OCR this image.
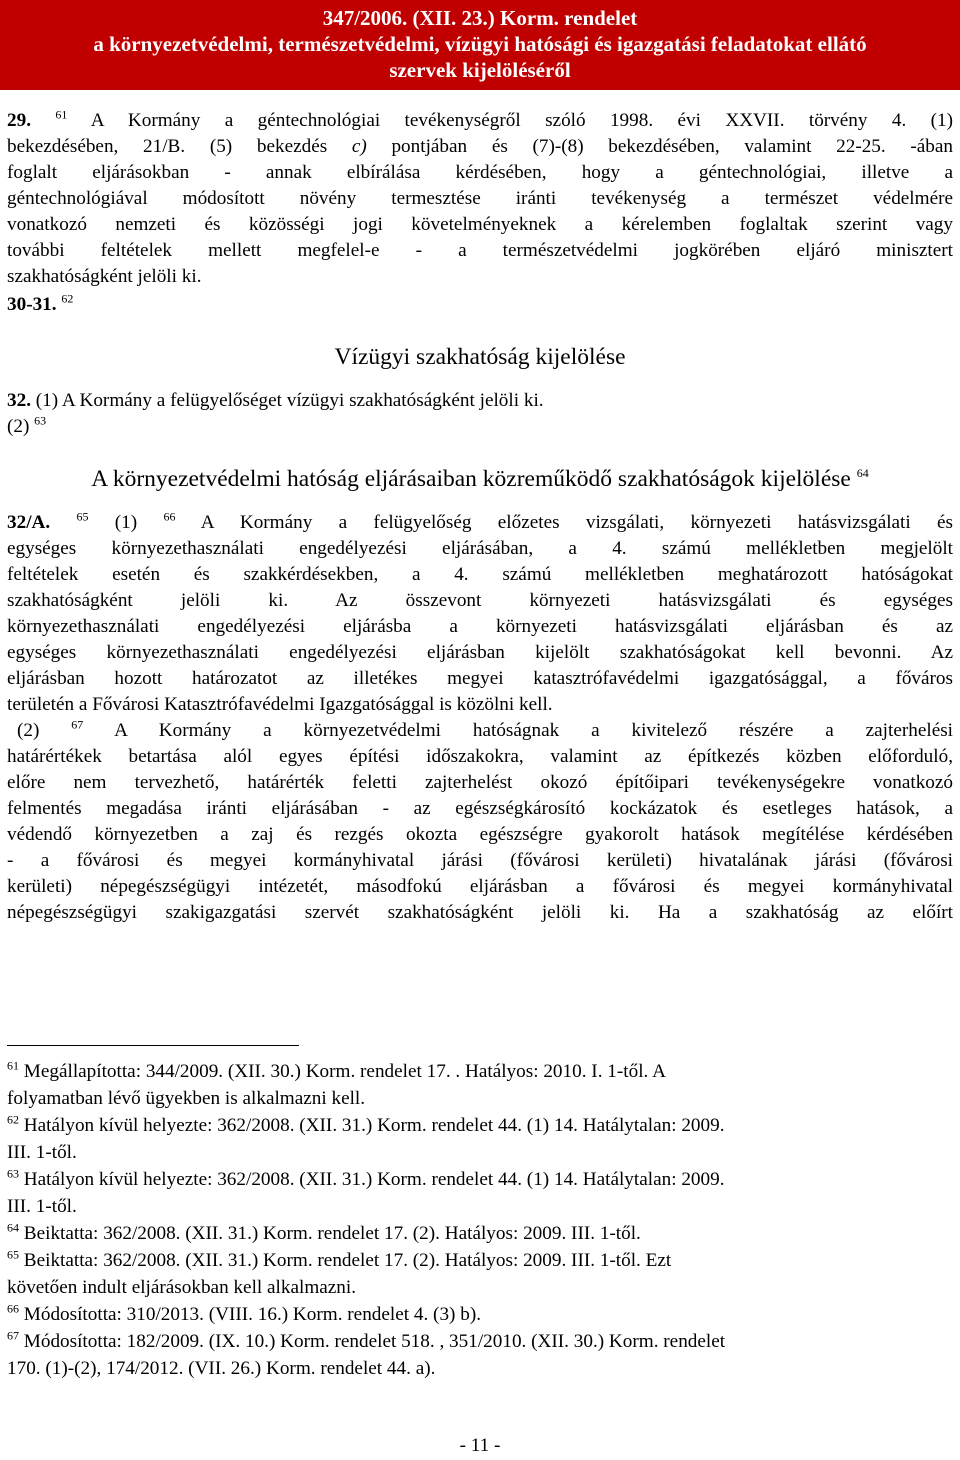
347/2006. (XII. 23.) Korm. rendelet
a környezetvédelmi, természetvédelmi, vízügyi hatósági és igazgatási feladatokat ellátó
szervek kijelöléséről

29. $^{61}$ A Kormány a géntechnológiai tevékenységről szóló 1998. évi XXVII. törvény 4. (1)

bekezdésében, 21/B. (5) bekezdés c) pontjában és (7)-(8) bekezdésében, valamint 22-25. -ában

foglalt eljárásokban - annak elbírálása kérdésében, hogy a géntechnológiai, illetve a

géntechnológiával módosított növény termesztése iránti tevékenység a természet védelmére

vonatkozó nemzeti és közösségi jogi követelményeknek a kérelemben foglaltak szerint vagy

további feltételek mellett megfelel-e - a természetvédelmi jogkörében eljáró minisztert

szakhatóságként jelöli ki.

30-31. $^{62}$

Vízügyi szakhatóság kijelölése

32. (1) A Kormány a felügyelőséget vízügyi szakhatóságként jelöli ki.

(2) $^{63}$

A környezetvédelmi hatóság eljárásaiban közreműködő szakhatóságok kijelölése $^{64}$

32/A. $^{65}$ (1) $^{66}$ A Kormány a felügyelőség előzetes vizsgálati, környezeti hatásvizsgálati és

egységes környezethasználati engedélyezési eljárásában, a 4. számú mellékletben megjelölt

feltételek esetén és szakkérdésekben, a 4. számú mellékletben meghatározott hatóságokat

szakhatóságként jelöli ki. Az összevont környezeti hatásvizsgálati és egységes

környezethasználati engedélyezési eljárásba a környezeti hatásvizsgálati eljárásban és az

egységes környezethasználati engedélyezési eljárásban kijelölt szakhatóságokat kell bevonni. Az

eljárásban hozott határozatot az illetékes megyei katasztrófavédelmi igazgatósággal, a főváros

területén a Fővárosi Katasztrófavédelmi Igazgatósággal is közölni kell.

(2)	$^{67}$ A Kormány a környezetvédelmi hatóságnak a kivitelező részére a zajterhelési

határértékek betartása alól egyes építési időszakokra, valamint az építkezés közben előforduló,

előre nem tervezhető, határérték feletti zajterhelést okozó építőipari tevékenységekre vonatkozó

felmentés megadása iránti eljárásában - az egészségkárosító kockázatok és esetleges hatások, a

védendő környezetben a zaj és rezgés okozta egészségre gyakorolt hatások megítélése kérdésében

- a fővárosi és megyei kormányhivatal járási (fővárosi kerületi) hivatalának járási (fővárosi

kerületi) népegészségügyi intézetét, másodfokú eljárásban a fővárosi és megyei kormányhivatal

népegészségügyi szakigazgatási szervét szakhatóságként jelöli ki. Ha a szakhatóság az előírt

$^{61}$ Megállapította: 344/2009. (XII. 30.) Korm. rendelet 17. . Hatályos: 2010. I. 1-től. A

folyamatban lévő ügyekben is alkalmazni kell.

$^{62}$ Hatályon kívül helyezte: 362/2008. (XII. 31.) Korm. rendelet 44. (1) 14. Hatálytalan: 2009.

III. 1-től.

$^{63}$ Hatályon kívül helyezte: 362/2008. (XII. 31.) Korm. rendelet 44. (1) 14. Hatálytalan: 2009.

III. 1-től.

$^{64}$ Beiktatta: 362/2008. (XII. 31.) Korm. rendelet 17. (2). Hatályos: 2009. III. 1-től.

$^{65}$ Beiktatta: 362/2008. (XII. 31.) Korm. rendelet 17. (2). Hatályos: 2009. III. 1-től. Ezt

követően indult eljárásokban kell alkalmazni.

$^{66}$ Módosította: 310/2013. (VIII. 16.) Korm. rendelet 4. (3) b).

$^{67}$ Módosította: 182/2009. (IX. 10.) Korm. rendelet 518. , 351/2010. (XII. 30.) Korm. rendelet

170. (1)-(2), 174/2012. (VII. 26.) Korm. rendelet 44. a).

- 11 -
